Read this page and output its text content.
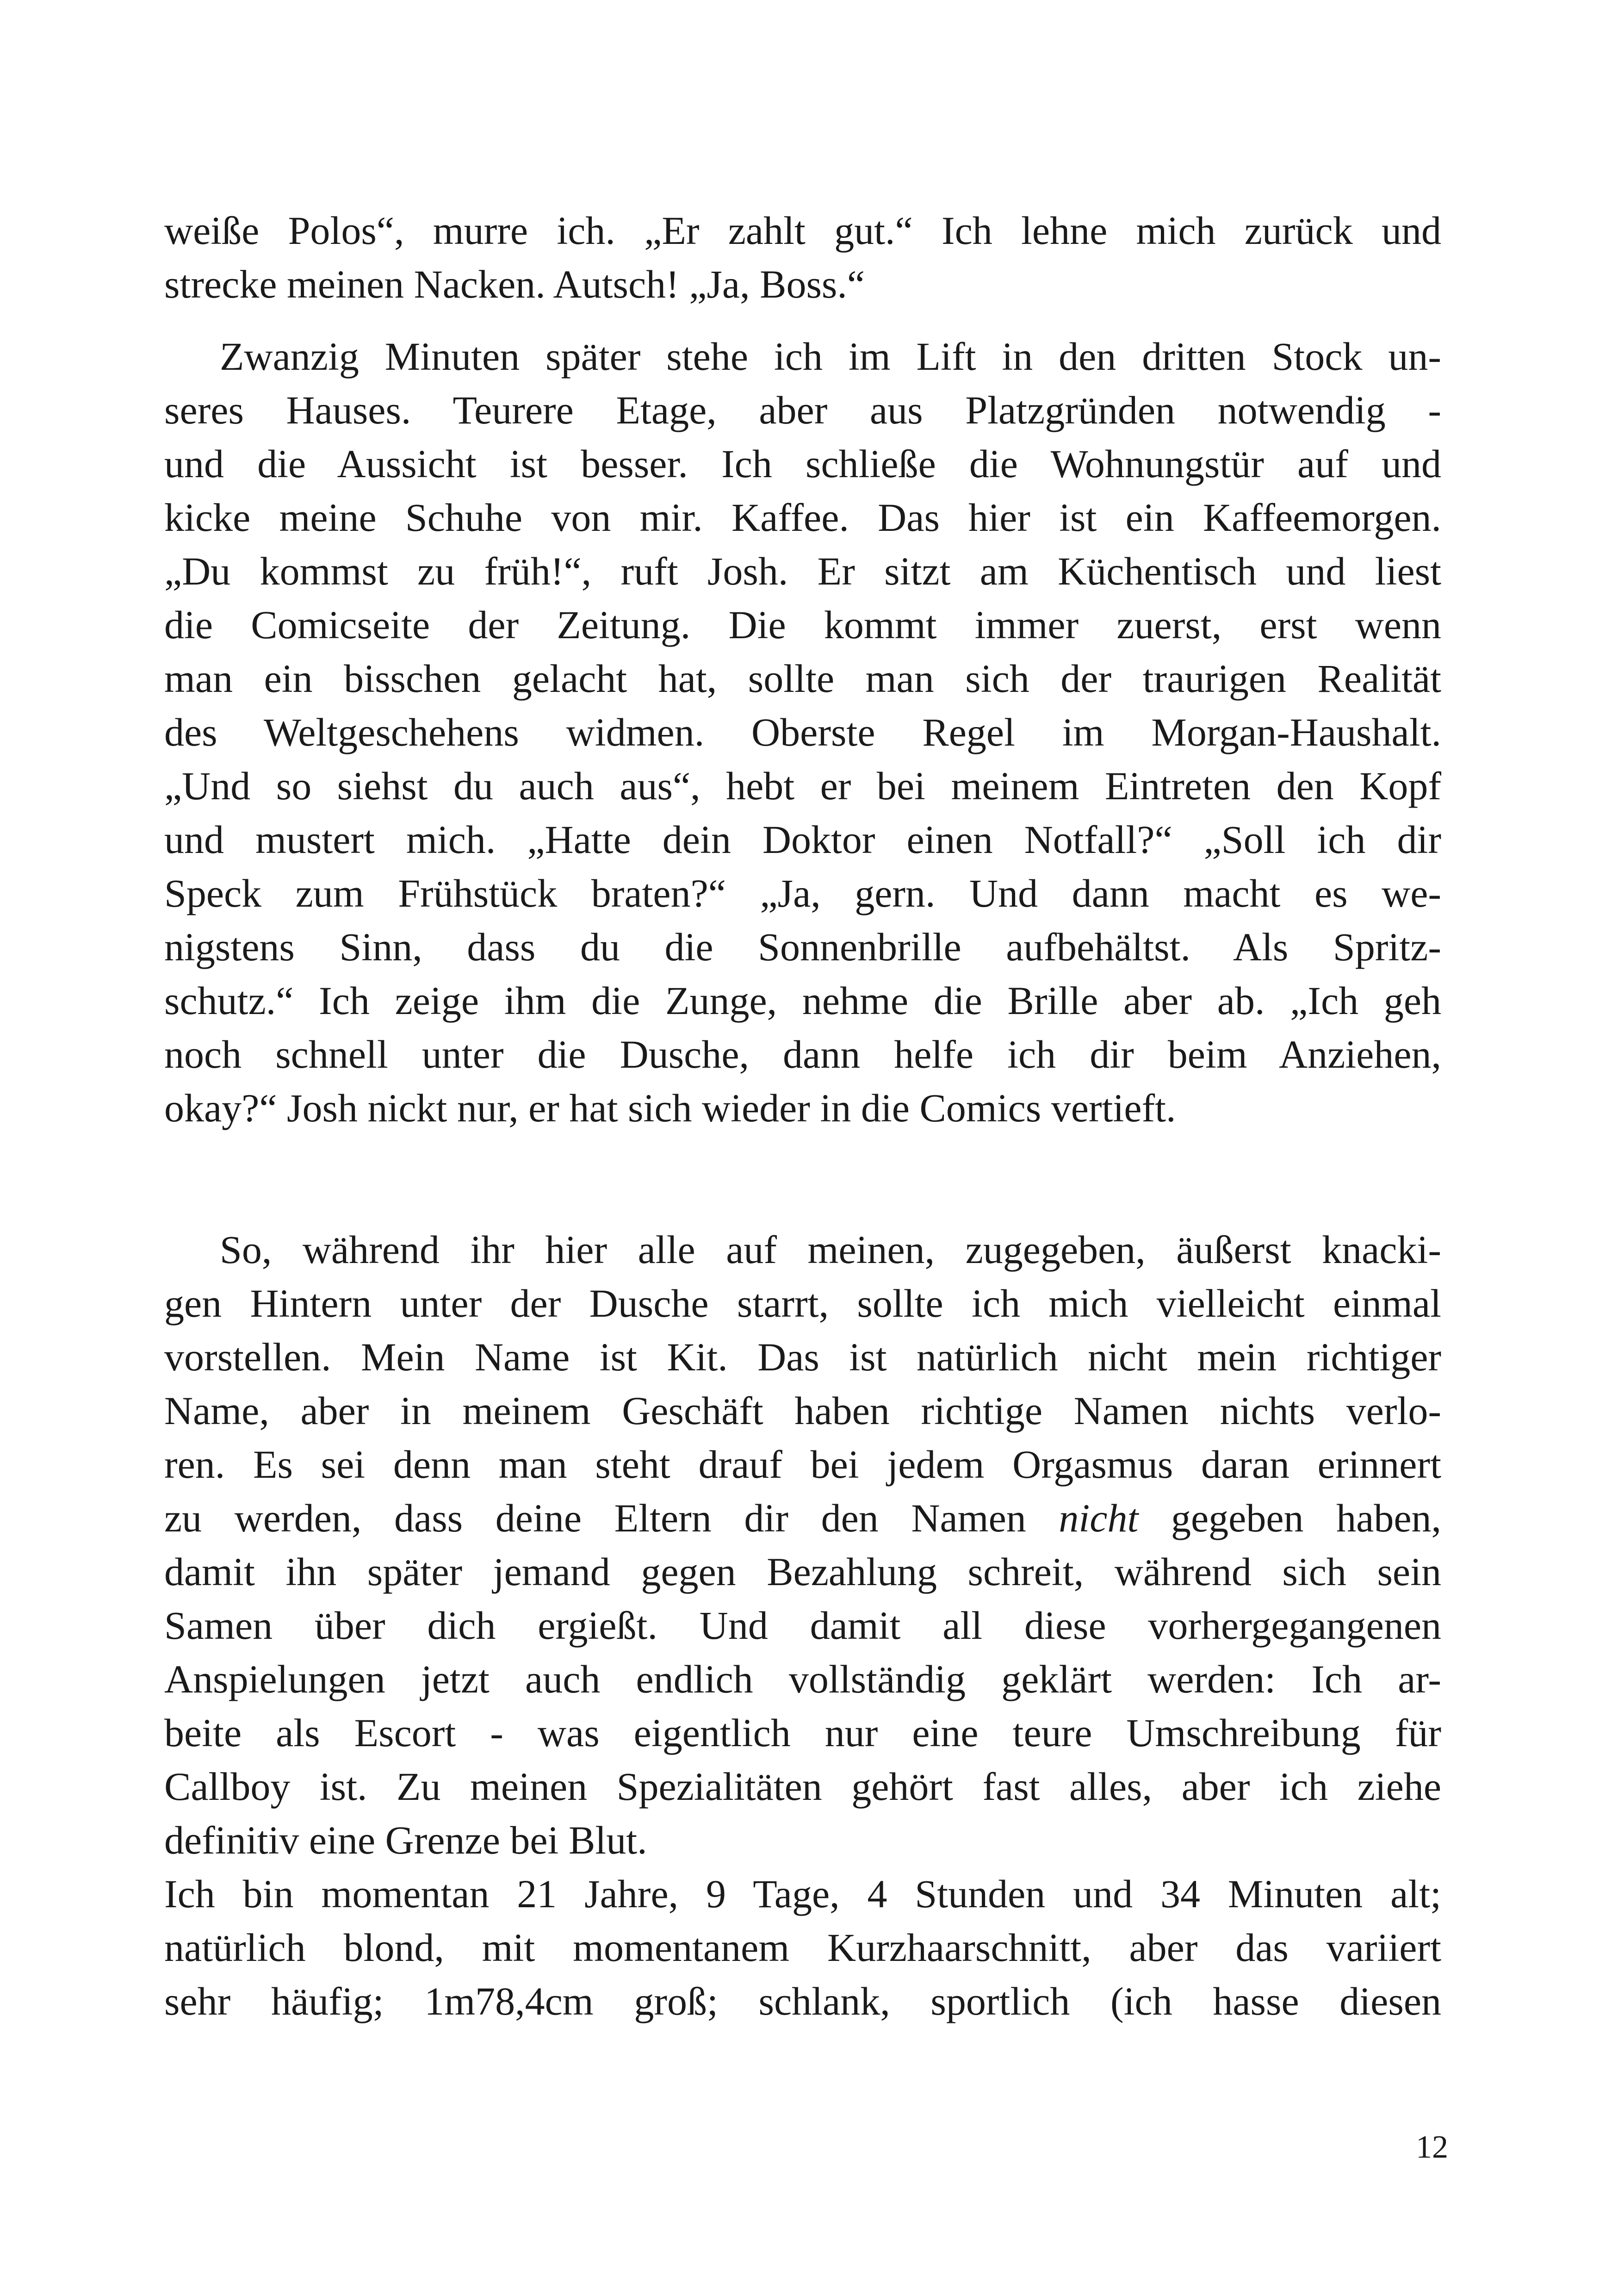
weiße Polos“, murre ich. „Er zahlt gut.“ Ich lehne mich zurück und
strecke meinen Nacken. Autsch! „Ja, Boss.“
Zwanzig Minuten später stehe ich im Lift in den dritten Stock un-
seres Hauses. Teurere Etage, aber aus Platzgründen notwendig -
und die Aussicht ist besser. Ich schließe die Wohnungstür auf und
kicke meine Schuhe von mir. Kaffee. Das hier ist ein Kaffeemorgen.
„Du kommst zu früh!“, ruft Josh. Er sitzt am Küchentisch und liest
die Comicseite der Zeitung. Die kommt immer zuerst, erst wenn
man ein bisschen gelacht hat, sollte man sich der traurigen Realität
des Weltgeschehens widmen. Oberste Regel im Morgan-Haushalt.
„Und so siehst du auch aus“, hebt er bei meinem Eintreten den Kopf
und mustert mich. „Hatte dein Doktor einen Notfall?“ „Soll ich dir
Speck zum Frühstück braten?“ „Ja, gern. Und dann macht es we-
nigstens Sinn, dass du die Sonnenbrille aufbehältst. Als Spritz-
schutz.“ Ich zeige ihm die Zunge, nehme die Brille aber ab. „Ich geh
noch schnell unter die Dusche, dann helfe ich dir beim Anziehen,
okay?“ Josh nickt nur, er hat sich wieder in die Comics vertieft.
So, während ihr hier alle auf meinen, zugegeben, äußerst knacki-
gen Hintern unter der Dusche starrt, sollte ich mich vielleicht einmal
vorstellen. Mein Name ist Kit. Das ist natürlich nicht mein richtiger
Name, aber in meinem Geschäft haben richtige Namen nichts verlo-
ren. Es sei denn man steht drauf bei jedem Orgasmus daran erinnert
zu werden, dass deine Eltern dir den Namen nicht gegeben haben,
damit ihn später jemand gegen Bezahlung schreit, während sich sein
Samen über dich ergießt. Und damit all diese vorhergegangenen
Anspielungen jetzt auch endlich vollständig geklärt werden: Ich ar-
beite als Escort - was eigentlich nur eine teure Umschreibung für
Callboy ist. Zu meinen Spezialitäten gehört fast alles, aber ich ziehe
definitiv eine Grenze bei Blut.
Ich bin momentan 21 Jahre, 9 Tage, 4 Stunden und 34 Minuten alt;
natürlich blond, mit momentanem Kurzhaarschnitt, aber das variiert
sehr häufig; 1m78,4cm groß; schlank, sportlich (ich hasse diesen
12
